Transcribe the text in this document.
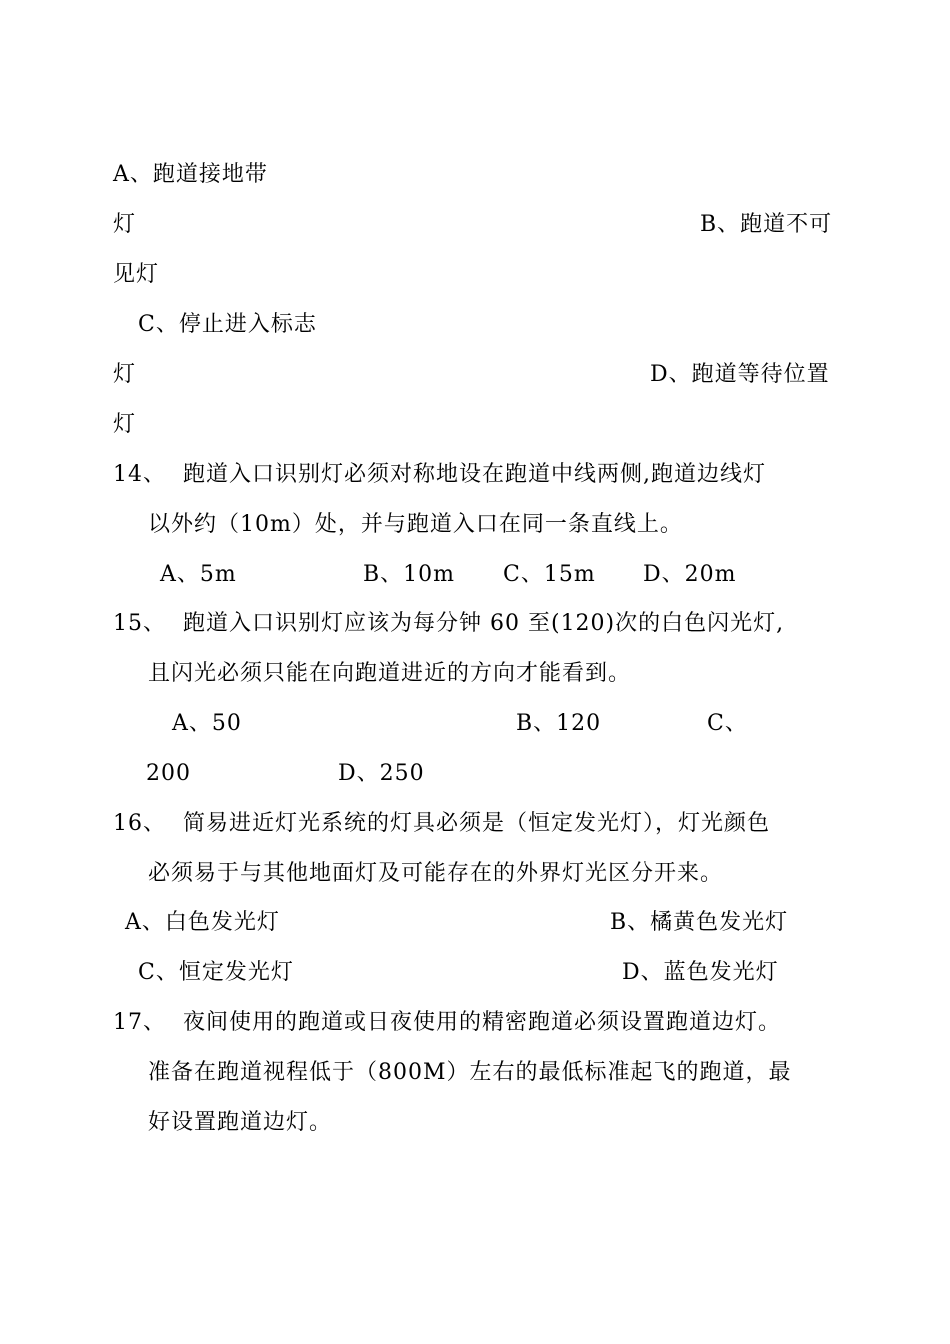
A、跑道接地带
灯	B、跑道不可
见灯
C、停止进入标志
灯	D、跑道等待位置
灯
14、 跑道入口识别灯必须对称地设在跑道中线两侧,跑道边线灯
以外约（10m）处，并与跑道入口在同一条直线上。
A、5m	B、10m C、15m D、20m
15、 跑道入口识别灯应该为每分钟 60 至(120)次的白色闪光灯,
且闪光必须只能在向跑道进近的方向才能看到。
A、50	B、120	C、
200	D、250
16、 简易进近灯光系统的灯具必须是（恒定发光灯），灯光颜色
必须易于与其他地面灯及可能存在的外界灯光区分开来。
A、白色发光灯	B、橘黄色发光灯
C、恒定发光灯	D、蓝色发光灯
17、 夜间使用的跑道或日夜使用的精密跑道必须设置跑道边灯。
准备在跑道视程低于（800M）左右的最低标准起飞的跑道，最
好设置跑道边灯。
